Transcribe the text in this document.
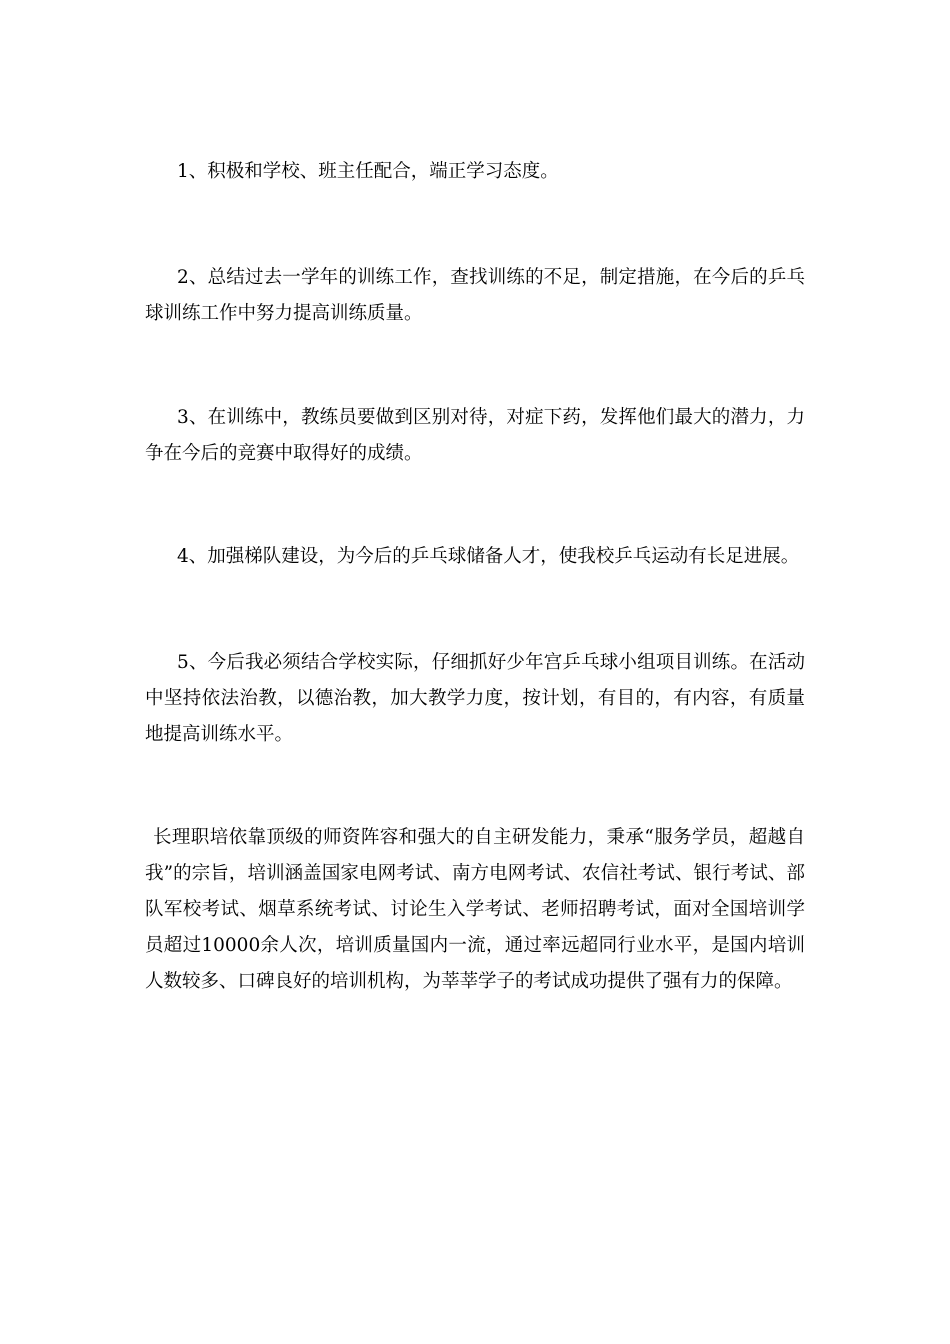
1、积极和学校、班主任配合，端正学习态度。

2、总结过去一学年的训练工作，查找训练的不足，制定措施，在今后的乒乓球训练工作中努力提高训练质量。

3、在训练中，教练员要做到区别对待，对症下药，发挥他们最大的潜力，力争在今后的竞赛中取得好的成绩。

4、加强梯队建设，为今后的乒乓球储备人才，使我校乒乓运动有长足进展。

5、今后我必须结合学校实际，仔细抓好少年宫乒乓球小组项目训练。在活动中坚持依法治教，以德治教，加大教学力度，按计划，有目的，有内容，有质量地提高训练水平。

长理职培依靠顶级的师资阵容和强大的自主研发能力，秉承“服务学员，超越自我”的宗旨，培训涵盖国家电网考试、南方电网考试、农信社考试、银行考试、部队军校考试、烟草系统考试、讨论生入学考试、老师招聘考试，面对全国培训学员超过10000余人次，培训质量国内一流，通过率远超同行业水平，是国内培训人数较多、口碑良好的培训机构，为莘莘学子的考试成功提供了强有力的保障。
